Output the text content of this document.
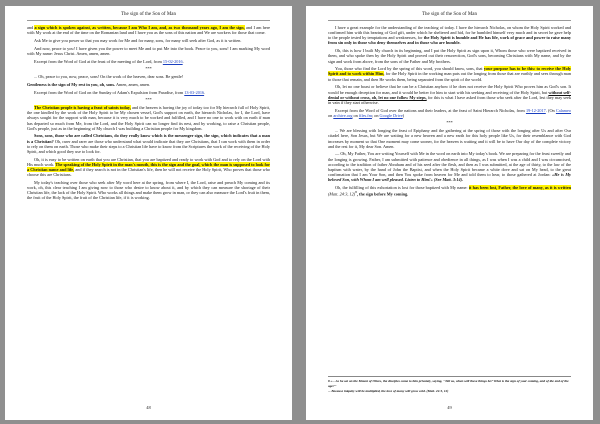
The sign of the Son of Man

and a sign which is spoken against, as written, because I am Who I am, and, as two thousand years ago, I am the sign, and I am here with My work at the end of the time on the Romanian land and I have you as the sons of this nation and We are workers for those that come.

Ask Me to give you power so that you may work for Me and for many, sons, for many will seek after God, as it is written.

And now, peace to you! I have given you the power to meet Me and to put Me into the book. Peace to you, sons! I am marking My word with My name: Jesus Christ. Amen, amen, amen.

Excerpt from the Word of God at the feast of the meeting of the Lord, from 15-02-2016.

***

... Oh, peace to you, now, peace, sons! On the work of the heaven, dear sons. Be gentle!

Gentleness is the sign of My rest in you, oh, sons. Amen, amen, amen.

Excerpt from the Word of God on the Sunday of Adam's Expulsion from Paradise, from 13-03-2016.

***

The Christian people is having a feast of saints today, and the heaven is having the joy of today too for My hierarch full of Holy Spirit, the one kindled by the work of the Holy Spirit to be My chosen vessel, God's support on earth, the hierarch Nicholas, for I, the Lord, have always sought for the support with man, because it is very much to be worked and fulfilled, and I have no one to work with on earth if man has departed so much from Me, from the Lord, and the Holy Spirit can no longer find its nest, and by working, to raise a Christian people, God's people, just as in the beginning of My church I was building a Christian people for My kingdom.

Sons, sons, those who are called Christians, do they really know which is the messenger sign, the sign, which indicates that a man is a Christian? Oh, rarer and rarer are those who understand what would indicate that they are Christians, that I can work with them in order to rely on them on earth. Those who make their steps to a Christian life have to know from the Scriptures the work of the receiving of the Holy Spirit, and which good they use to look for.

Oh, it is easy to be written on earth that you are Christian, that you are baptized and ready to work with God and to rely on the Lord with His much work. The speaking of the Holy Spirit in the man's mouth, this is the sign and the goal, which the man is supposed to look for a Christian name and life, and if they search is not in the Christian's life, then he will not receive the Holy Spirit, Who proves that those who choose this are Christians.

My today's teaching over those who seek after My word here at the spring, from where I, the Lord, raise and preach My coming and its work, oh, this clear teaching I am giving now to those who desire to know about it, and by which they can measure the shortage of their Christian life, the lack of the Holy Spirit. Who works all things and make them grow in man, or they can also measure the Lord's fruit in them, the fruit of the Holy Spirit, the fruit of the Christian life, if it is working.

48
The sign of the Son of Man

I have a great example for the understanding of the teaching of today. I have the hierarch Nicholas, on whom the Holy Spirit worked and confirmed him with this bearing of God gift, under which he sheltered and hid, for he humbled himself very much and in secret he gave help to the people tested by temptations and weaknesses, for the Holy Spirit is humble and He has life, work of grace and power to raise many from sin only in those who deny themselves and in those who are humble.

Oh, this is how I built My church in its beginning, and I put the Holy Spirit as sign upon it, Whom those who were baptized received in them, and who spoke then by the Holy Spirit and proved out their resurrection, God's sons, becoming Christians with My name, and by the sign and work from above, from the sons of the Father and My brothers.

You, those who find the Lord by the spring of this word, you should know, sons, that your purpose has to be this: to receive the Holy Spirit and to work within Him, for the Holy Spirit in the working man puts out the longing from those that are earthly and sees through man to those that remain, and then He works them, being separated from the spirit of the world.

Oh, let no one boast or believe that he can be a Christian anyhow if he does not receive the Holy Spirit Who proves him as God's son. It would be enough deception for man, and it would be better for him to start with his seeking and receiving of the Holy Spirit, but without self-denial or without cross, oh, let no one follow My steps, for this is what I have asked from those who seek after the Lord, lest they may seek in vain if they start otherwise.

Excerpt from the Word of God over the nations and their leaders, at the feast of Saint Hierarch Nicholas, from 19-12-2017. (On Calameo on archive.org on files.fm; on Google Drive)

***

... We are blessing with longing the feast of Epiphany and the gathering at the spring of those with the longing after Us and after Our citadel here, Son Jesus, but We are waiting for a new heaven and a new earth for this holy people like Us, for their resemblance with God increases by moment so that One moment may come sooner, for the heaven is waiting and it will be to have Our day of the complete victory and the rest for it, My dear Son. Amen.

— Oh, My Father, You are writing Yourself with Me in the word on earth into My today's book. We are preparing for the feast sweetly and the longing is growing. Father, I am submitted with patience and obedience in all things, as I was when I was a child and I was circumcised, according to the tradition of father Abraham and of his seed after the flesh, and then as I was submitted, at the age of thirty, to the law of the baptism with water, by the hand of John the Baptist, and when the Holy Spirit became a white dove and sat on My head, to the great confirmation that I am Your Son, and then You spoke from heaven for Me and told them to hear, to those gathered at Jordan: «He is My beloved Son, with Whom I am well pleased. Listen to Him!» (See Matt. 3:14).

Oh, the fulfilling of this exhortation is lost for those baptized with My name: it has been lost, Father, the love of many, as it is written (Matt. 24:3, 12)$^8$, the sign before My coming.

8 «... As he sat on the Mount of Olives, the disciples came to him privately, saying, "Tell us, when will these things be? What is the sign of your coming, and of the end of the age?"

... Because iniquity will be multiplied, the love of many will grow cold. (Matt. 24:3, 12)

49
